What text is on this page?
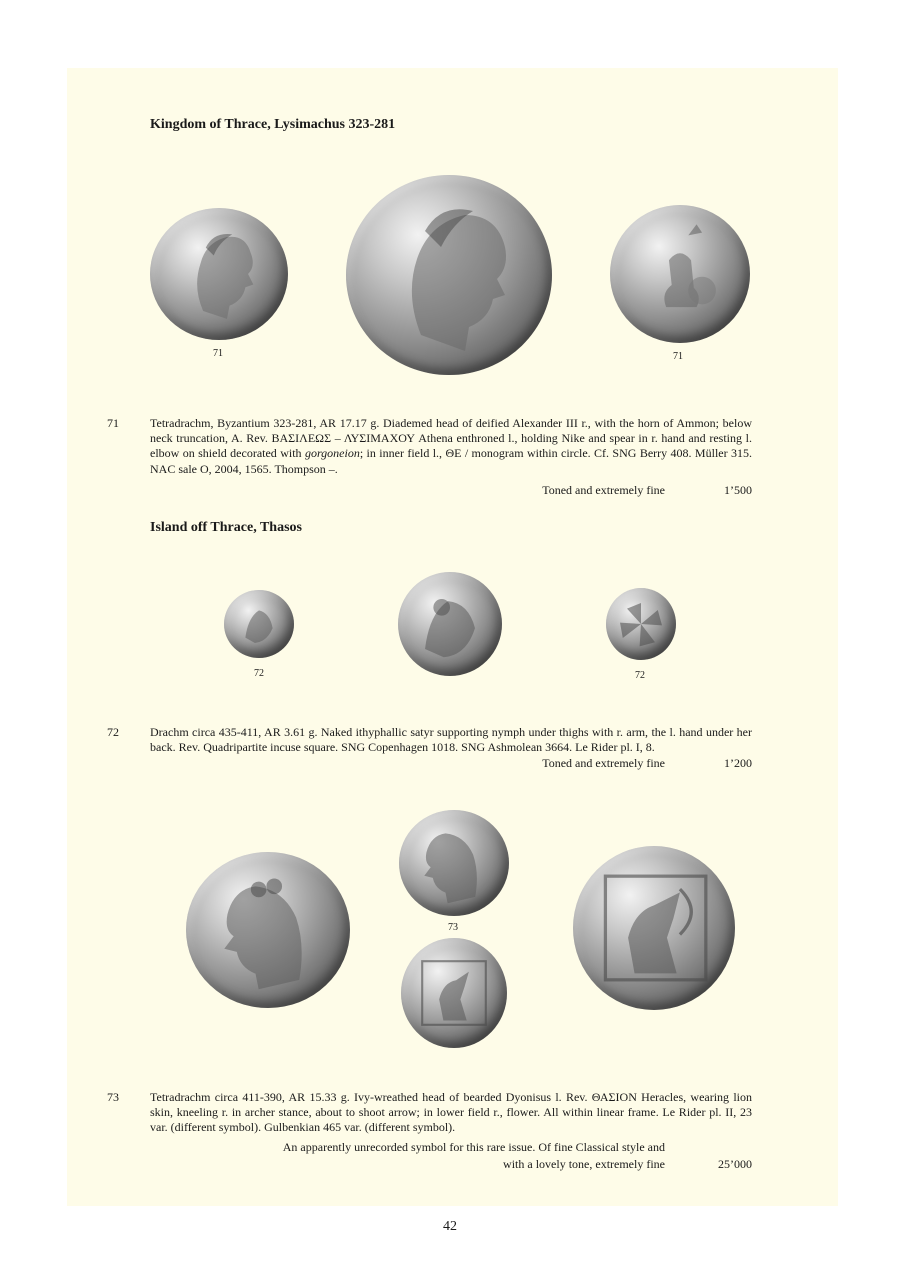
Kingdom of Thrace, Lysimachus 323-281
71	71
71	Tetradrachm, Byzantium 323-281, AR 17.17 g. Diademed head of deified Alexander III r., with the horn of Ammon; below neck truncation, A. Rev. ΒΑΣΙΛΕΩΣ – ΛΥΣΙΜΑΧΟΥ Athena enthroned l., holding Nike and spear in r. hand and resting l. elbow on shield decorated with gorgoneion; in inner field l., ΘΕ / monogram within circle. Cf. SNG Berry 408. Müller 315. NAC sale O, 2004, 1565. Thompson –.

Toned and extremely fine	1’500
Island off Thrace, Thasos
72	72
72	Drachm circa 435-411, AR 3.61 g. Naked ithyphallic satyr supporting nymph under thighs with r. arm, the l. hand under her back. Rev. Quadripartite incuse square. SNG Copenhagen 1018. SNG Ashmolean 3664. Le Rider pl. I, 8.

Toned and extremely fine	1’200
73
73	Tetradrachm circa 411-390, AR 15.33 g. Ivy-wreathed head of bearded Dyonisus l. Rev. ΘΑΣΙΟΝ Heracles, wearing lion skin, kneeling r. in archer stance, about to shoot arrow; in lower field r., flower. All within linear frame. Le Rider pl. II, 23 var. (different symbol). Gulbenkian 465 var. (different symbol).

An apparently unrecorded symbol for this rare issue. Of fine Classical style and
with a lovely tone, extremely fine	25’000
42
